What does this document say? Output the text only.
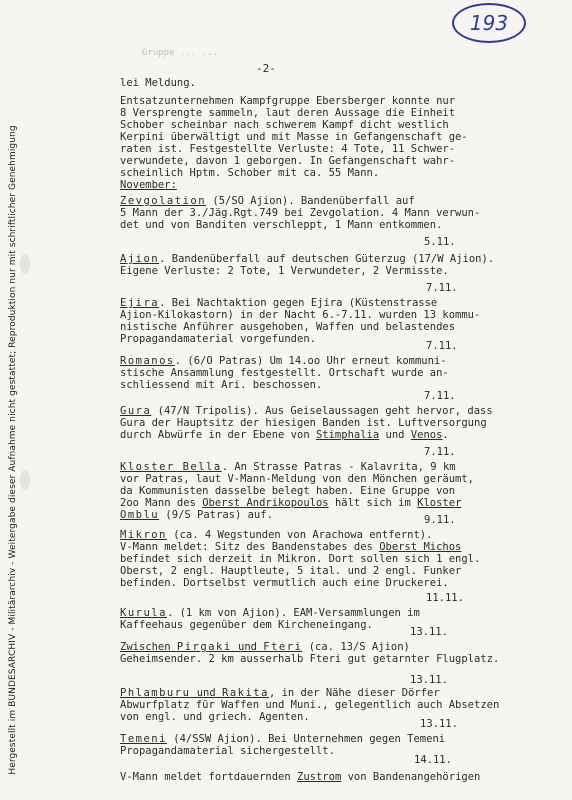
Hergestellt im BUNDESARCHIV - Militärarchiv - Weitergabe dieser Aufnahme nicht gestattet; Reproduktion nur mit schriftlicher Genehmigung
193
Gruppe ... ...
-2-
lei Meldung.
Entsatzunternehmen Kampfgruppe Ebersberger konnte nur
8 Versprengte sammeln, laut deren Aussage die Einheit
Schober scheinbar nach schwerem Kampf dicht westlich
Kerpini überwältigt und mit Masse in Gefangenschaft ge-
raten ist. Festgestellte Verluste: 4 Tote, 11 Schwer-
verwundete, davon 1 geborgen. In Gefangenschaft wahr-
scheinlich Hptm. Schober mit ca. 55 Mann.
November:
Zevgolation (5/SO Ajion). Bandenüberfall auf
5 Mann der 3./Jäg.Rgt.749 bei Zevgolation. 4 Mann verwun-
det und von Banditen verschleppt, 1 Mann entkommen.
5.11.
Ajion. Bandenüberfall auf deutschen Güterzug (17/W Ajion).
Eigene Verluste: 2 Tote, 1 Verwundeter, 2 Vermisste.
7.11.
Ejira. Bei Nachtaktion gegen Ejira (Küstenstrasse
Ajion-Kilokastorn) in der Nacht 6.-7.11. wurden 13 kommu-
nistische Anführer ausgehoben, Waffen und belastendes
Propagandamaterial vorgefunden.
7.11.
Romanos. (6/O Patras) Um 14.oo Uhr erneut kommuni-
stische Ansammlung festgestellt. Ortschaft wurde an-
schliessend mit Ari. beschossen.
7.11.
Gura (47/N Tripolis). Aus Geiselaussagen geht hervor, dass
Gura der Hauptsitz der hiesigen Banden ist. Luftversorgung
durch Abwürfe in der Ebene von Stimphalia und Venos.
7.11.
Kloster Bella. An Strasse Patras - Kalavrita, 9 km
vor Patras, laut V-Mann-Meldung von den Mönchen geräumt,
da Kommunisten dasselbe belegt haben. Eine Gruppe von
2oo Mann des Oberst Andrikopoulos hält sich im Kloster
Omblu (9/S Patras) auf.	9.11.
Mikron (ca. 4 Wegstunden von Arachowa entfernt).
V-Mann meldet: Sitz des Bandenstabes des Oberst Michos
befindet sich derzeit in Mikron. Dort sollen sich 1 engl.
Oberst, 2 engl. Hauptleute, 5 ital. und 2 engl. Funker
befinden. Dortselbst vermutlich auch eine Druckerei.
11.11.
Kurula. (1 km von Ajion). EAM-Versammlungen im
Kaffeehaus gegenüber dem Kircheneingang.
13.11.
Zwischen Pirgaki und Fteri (ca. 13/S Ajion)
Geheimsender. 2 km ausserhalb Fteri gut getarnter Flugplatz.
13.11.
Phlamburu und Rakita, in der Nähe dieser Dörfer
Abwurfplatz für Waffen und Muni., gelegentlich auch Absetzen
von engl. und griech. Agenten.
13.11.
Temeni (4/SSW Ajion). Bei Unternehmen gegen Temeni
Propagandamaterial sichergestellt.
14.11.
V-Mann meldet fortdauernden Zustrom von Bandenangehörigen
